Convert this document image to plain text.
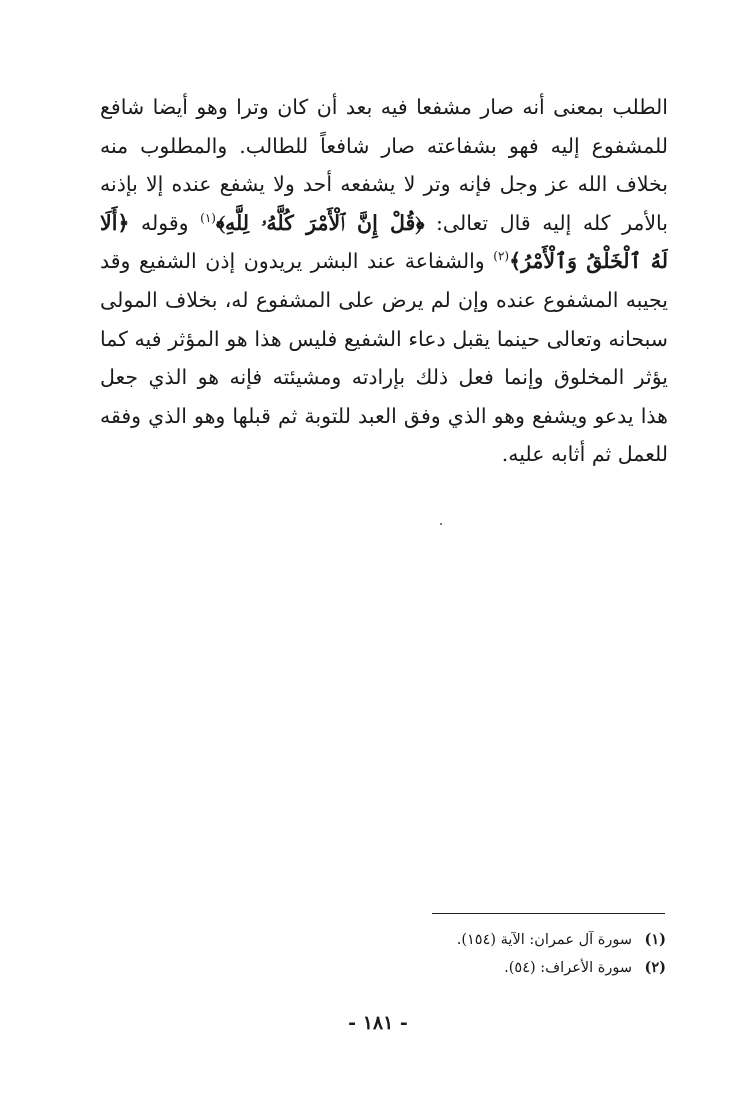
الطلب بمعنى أنه صار مشفعا فيه بعد أن كان وترا وهو أيضا شافع
للمشفوع إليه فهو بشفاعته صار شافعاً للطالب. والمطلوب منه
بخلاف الله عز وجل فإنه وتر لا يشفعه أحد ولا يشفع عنده إلا بإذنه
بالأمر كله إليه قال تعالى: ﴿قُلْ إِنَّ ٱلْأَمْرَ كُلَّهُۥ لِلَّهِ﴾$^{(١)}$ وقوله ﴿أَلَا
لَهُ ٱلْخَلْقُ وَٱلْأَمْرُ﴾$^{(٢)}$ والشفاعة عند البشر يريدون إذن الشفيع وقد
يجيبه المشفوع عنده وإن لم يرض على المشفوع له، بخلاف المولى
سبحانه وتعالى حينما يقبل دعاء الشفيع فليس هذا هو المؤثر فيه كما
يؤثر المخلوق وإنما فعل ذلك بإرادته ومشيئته فإنه هو الذي جعل
هذا يدعو ويشفع وهو الذي وفق العبد للتوبة ثم قبلها وهو الذي وفقه
للعمل ثم أثابه عليه.
(١)سورة آل عمران: الآية (١٥٤).
(٢)سورة الأعراف: (٥٤).
- ١٨١ -
